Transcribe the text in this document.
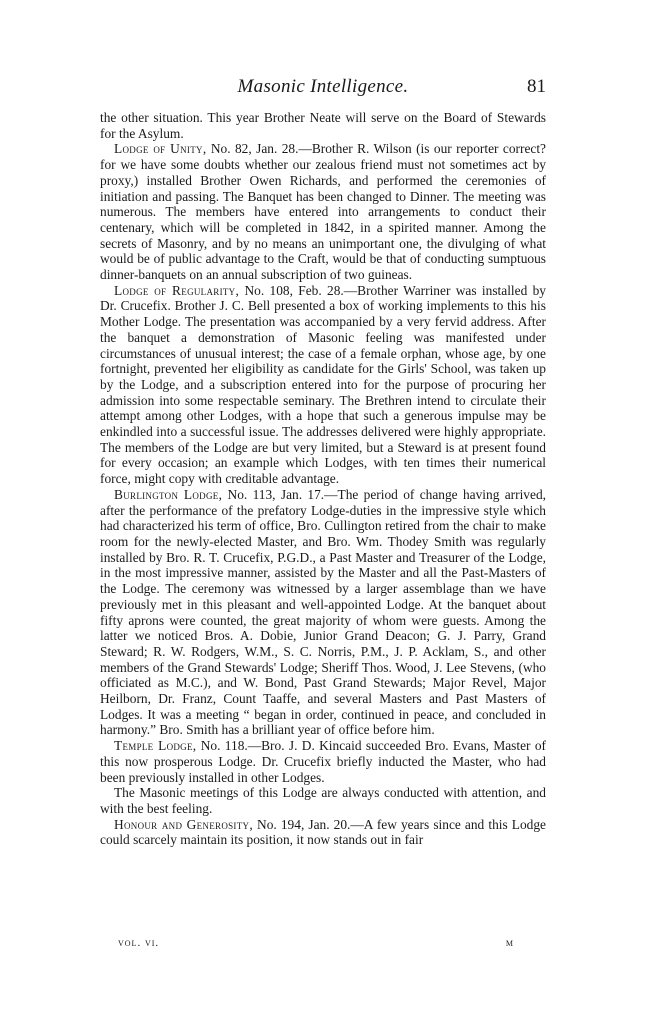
Masonic Intelligence.	81

the other situation. This year Brother Neate will serve on the Board of Stewards for the Asylum.

Lodge of Unity, No. 82, Jan. 28.—Brother R. Wilson (is our reporter correct? for we have some doubts whether our zealous friend must not sometimes act by proxy,) installed Brother Owen Richards, and performed the ceremonies of initiation and passing. The Banquet has been changed to Dinner. The meeting was numerous. The members have entered into arrangements to conduct their centenary, which will be completed in 1842, in a spirited manner. Among the secrets of Masonry, and by no means an unimportant one, the divulging of what would be of public advantage to the Craft, would be that of conducting sumptuous dinner-banquets on an annual subscription of two guineas.

Lodge of Regularity, No. 108, Feb. 28.—Brother Warriner was installed by Dr. Crucefix. Brother J. C. Bell presented a box of working implements to this his Mother Lodge. The presentation was accompanied by a very fervid address. After the banquet a demonstration of Masonic feeling was manifested under circumstances of unusual interest; the case of a female orphan, whose age, by one fortnight, prevented her eligibility as candidate for the Girls' School, was taken up by the Lodge, and a subscription entered into for the purpose of procuring her admission into some respectable seminary. The Brethren intend to circulate their attempt among other Lodges, with a hope that such a generous impulse may be enkindled into a successful issue. The addresses delivered were highly appropriate. The members of the Lodge are but very limited, but a Steward is at present found for every occasion; an example which Lodges, with ten times their numerical force, might copy with creditable advantage.

Burlington Lodge, No. 113, Jan. 17.—The period of change having arrived, after the performance of the prefatory Lodge-duties in the impressive style which had characterized his term of office, Bro. Cullington retired from the chair to make room for the newly-elected Master, and Bro. Wm. Thodey Smith was regularly installed by Bro. R. T. Crucefix, P.G.D., a Past Master and Treasurer of the Lodge, in the most impressive manner, assisted by the Master and all the Past-Masters of the Lodge. The ceremony was witnessed by a larger assemblage than we have previously met in this pleasant and well-appointed Lodge. At the banquet about fifty aprons were counted, the great majority of whom were guests. Among the latter we noticed Bros. A. Dobie, Junior Grand Deacon; G. J. Parry, Grand Steward; R. W. Rodgers, W.M., S. C. Norris, P.M., J. P. Acklam, S., and other members of the Grand Stewards' Lodge; Sheriff Thos. Wood, J. Lee Stevens, (who officiated as M.C.), and W. Bond, Past Grand Stewards; Major Revel, Major Heilborn, Dr. Franz, Count Taaffe, and several Masters and Past Masters of Lodges. It was a meeting “ began in order, continued in peace, and concluded in harmony.” Bro. Smith has a brilliant year of office before him.

Temple Lodge, No. 118.—Bro. J. D. Kincaid succeeded Bro. Evans, Master of this now prosperous Lodge. Dr. Crucefix briefly inducted the Master, who had been previously installed in other Lodges.

The Masonic meetings of this Lodge are always conducted with attention, and with the best feeling.

Honour and Generosity, No. 194, Jan. 20.—A few years since and this Lodge could scarcely maintain its position, it now stands out in fair

vol. vi.	m
